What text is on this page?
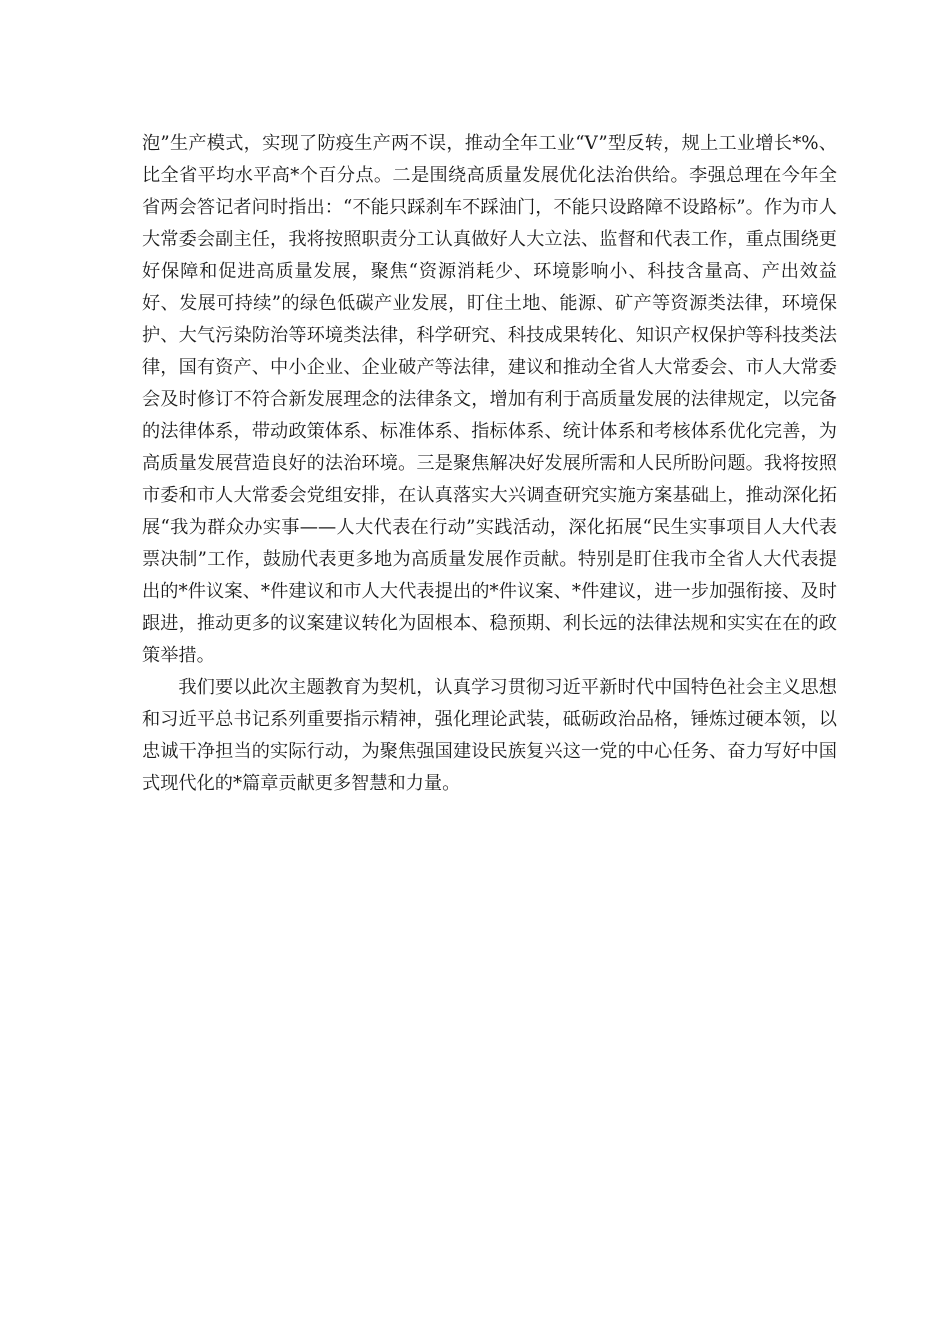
泡”生产模式，实现了防疫生产两不误，推动全年工业“V”型反转，规上工业增长*%、比全省平均水平高*个百分点。二是围绕高质量发展优化法治供给。李强总理在今年全省两会答记者问时指出：“不能只踩刹车不踩油门，不能只设路障不设路标”。作为市人大常委会副主任，我将按照职责分工认真做好人大立法、监督和代表工作，重点围绕更好保障和促进高质量发展，聚焦“资源消耗少、环境影响小、科技含量高、产出效益好、发展可持续”的绿色低碳产业发展，盯住土地、能源、矿产等资源类法律，环境保护、大气污染防治等环境类法律，科学研究、科技成果转化、知识产权保护等科技类法律，国有资产、中小企业、企业破产等法律，建议和推动全省人大常委会、市人大常委会及时修订不符合新发展理念的法律条文，增加有利于高质量发展的法律规定，以完备的法律体系，带动政策体系、标准体系、指标体系、统计体系和考核体系优化完善，为高质量发展营造良好的法治环境。三是聚焦解决好发展所需和人民所盼问题。我将按照市委和市人大常委会党组安排，在认真落实大兴调查研究实施方案基础上，推动深化拓展“我为群众办实事——人大代表在行动”实践活动，深化拓展“民生实事项目人大代表票决制”工作，鼓励代表更多地为高质量发展作贡献。特别是盯住我市全省人大代表提出的*件议案、*件建议和市人大代表提出的*件议案、*件建议，进一步加强衔接、及时跟进，推动更多的议案建议转化为固根本、稳预期、利长远的法律法规和实实在在的政策举措。

我们要以此次主题教育为契机，认真学习贯彻习近平新时代中国特色社会主义思想和习近平总书记系列重要指示精神，强化理论武装，砥砺政治品格，锤炼过硬本领，以忠诚干净担当的实际行动，为聚焦强国建设民族复兴这一党的中心任务、奋力写好中国式现代化的*篇章贡献更多智慧和力量。
